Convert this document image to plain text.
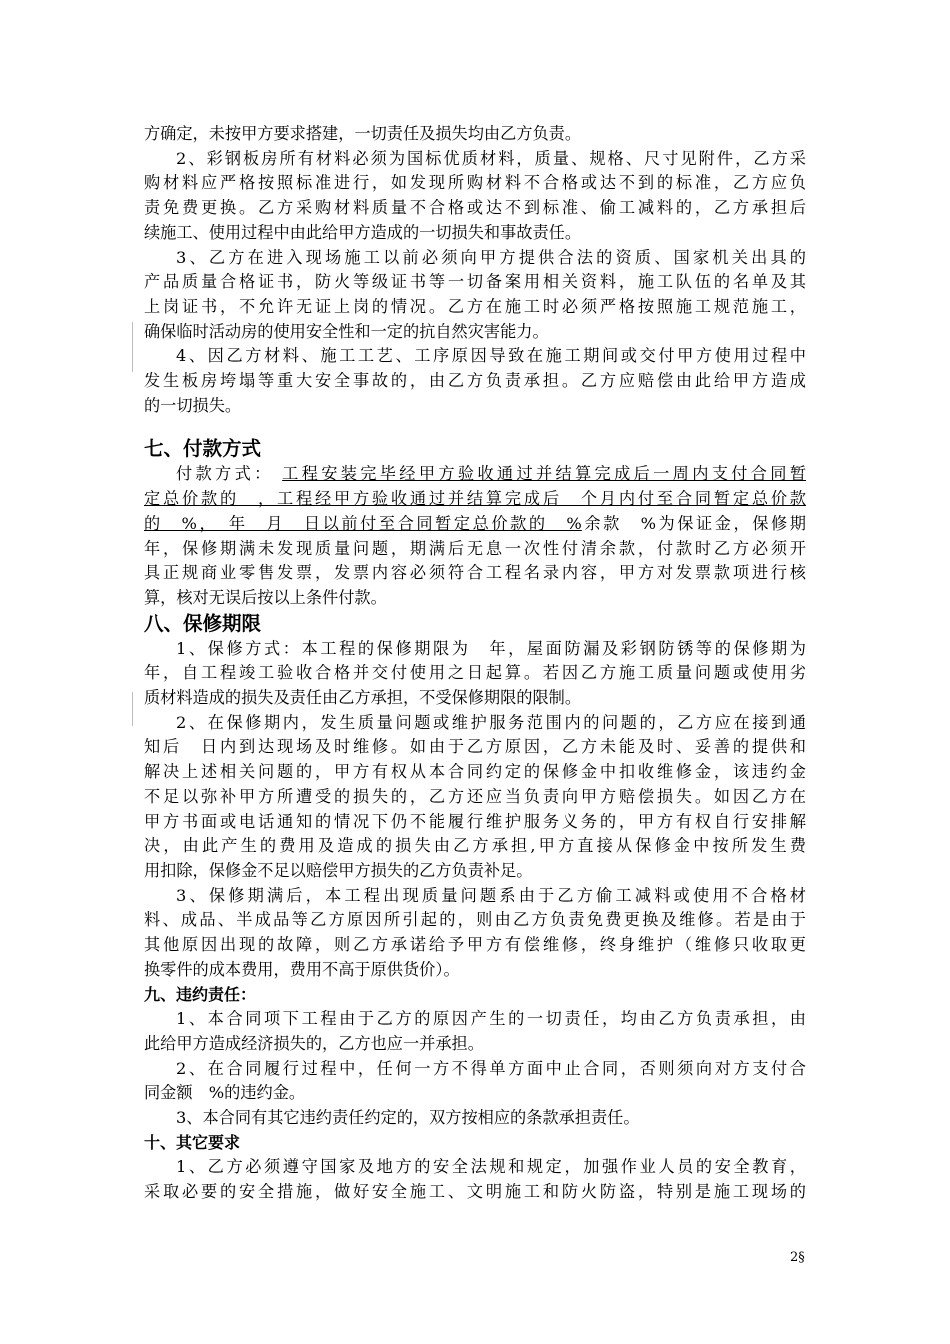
方确定，未按甲方要求搭建，一切责任及损失均由乙方负责。

2、彩钢板房所有材料必须为国标优质材料，质量、规格、尺寸见附件，乙方采

购材料应严格按照标准进行，如发现所购材料不合格或达不到的标准，乙方应负

责免费更换。乙方采购材料质量不合格或达不到标准、偷工减料的，乙方承担后

续施工、使用过程中由此给甲方造成的一切损失和事故责任。

3、乙方在进入现场施工以前必须向甲方提供合法的资质、国家机关出具的

产品质量合格证书，防火等级证书等一切备案用相关资料，施工队伍的名单及其

上岗证书，不允许无证上岗的情况。乙方在施工时必须严格按照施工规范施工，

确保临时活动房的使用安全性和一定的抗自然灾害能力。

4、因乙方材料、施工工艺、工序原因导致在施工期间或交付甲方使用过程中

发生板房垮塌等重大安全事故的，由乙方负责承担。乙方应赔偿由此给甲方造成

的一切损失。

七、付款方式

付款方式： 工程安装完毕经甲方验收通过并结算完成后一周内支付合同暂

定总价款的　，工程经甲方验收通过并结算完成后　个月内付至合同暂定总价款

的　%，　年　月　日以前付至合同暂定总价款的　%余款　%为保证金，保修期

年，保修期满未发现质量问题，期满后无息一次性付清余款，付款时乙方必须开

具正规商业零售发票，发票内容必须符合工程名录内容，甲方对发票款项进行核

算，核对无误后按以上条件付款。

八、保修期限

1、保修方式：本工程的保修期限为　年，屋面防漏及彩钢防锈等的保修期为

年，自工程竣工验收合格并交付使用之日起算。若因乙方施工质量问题或使用劣

质材料造成的损失及责任由乙方承担，不受保修期限的限制。

2、在保修期内，发生质量问题或维护服务范围内的问题的，乙方应在接到通

知后　日内到达现场及时维修。如由于乙方原因，乙方未能及时、妥善的提供和

解决上述相关问题的，甲方有权从本合同约定的保修金中扣收维修金，该违约金

不足以弥补甲方所遭受的损失的，乙方还应当负责向甲方赔偿损失。如因乙方在

甲方书面或电话通知的情况下仍不能履行维护服务义务的，甲方有权自行安排解

决，由此产生的费用及造成的损失由乙方承担,甲方直接从保修金中按所发生费

用扣除，保修金不足以赔偿甲方损失的乙方负责补足。

3、保修期满后，本工程出现质量问题系由于乙方偷工减料或使用不合格材

料、成品、半成品等乙方原因所引起的，则由乙方负责免费更换及维修。若是由于

其他原因出现的故障，则乙方承诺给予甲方有偿维修，终身维护（维修只收取更

换零件的成本费用，费用不高于原供货价）。

九、违约责任：

1、本合同项下工程由于乙方的原因产生的一切责任，均由乙方负责承担，由

此给甲方造成经济损失的，乙方也应一并承担。

2、在合同履行过程中，任何一方不得单方面中止合同，否则须向对方支付合

同金额　%的违约金。

3、本合同有其它违约责任约定的，双方按相应的条款承担责任。

十、其它要求

1、乙方必须遵守国家及地方的安全法规和规定，加强作业人员的安全教育，

采取必要的安全措施，做好安全施工、文明施工和防火防盗，特别是施工现场的

2§
